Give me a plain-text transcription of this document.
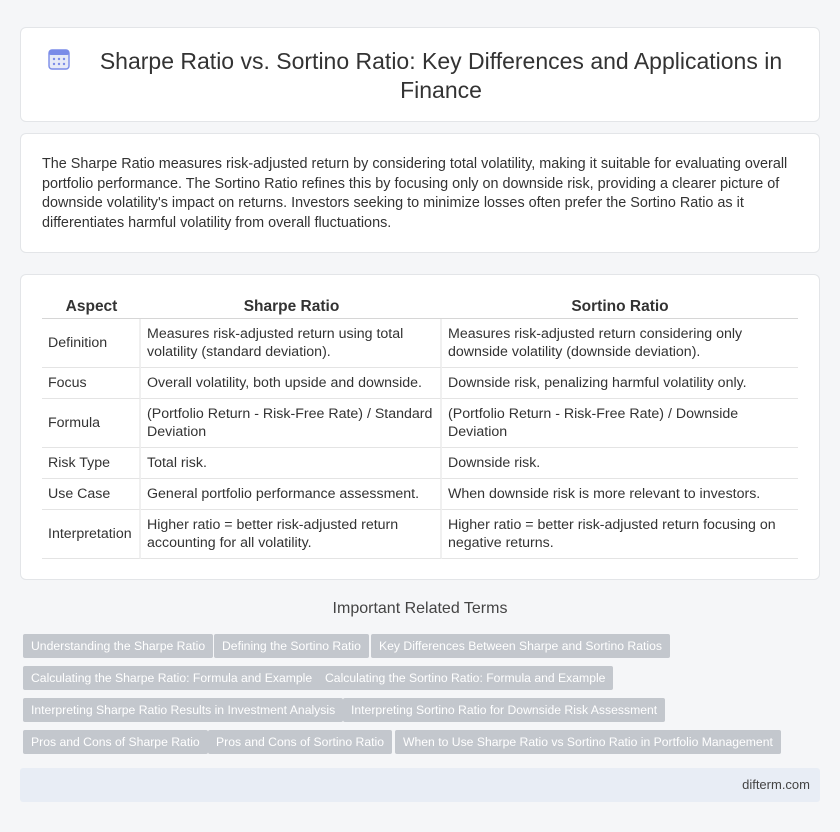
Sharpe Ratio vs. Sortino Ratio: Key Differences and Applications in Finance

The Sharpe Ratio measures risk-adjusted return by considering total volatility, making it suitable for evaluating overall portfolio performance. The Sortino Ratio refines this by focusing only on downside risk, providing a clearer picture of downside volatility's impact on returns. Investors seeking to minimize losses often prefer the Sortino Ratio as it differentiates harmful volatility from overall fluctuations.

Aspect	Sharpe Ratio	Sortino Ratio
Definition	Measures risk-adjusted return using total volatility (standard deviation).	Measures risk-adjusted return considering only downside volatility (downside deviation).
Focus	Overall volatility, both upside and downside.	Downside risk, penalizing harmful volatility only.
Formula	(Portfolio Return - Risk-Free Rate) / Standard Deviation	(Portfolio Return - Risk-Free Rate) / Downside Deviation
Risk Type	Total risk.	Downside risk.
Use Case	General portfolio performance assessment.	When downside risk is more relevant to investors.
Interpretation	Higher ratio = better risk-adjusted return accounting for all volatility.	Higher ratio = better risk-adjusted return focusing on negative returns.
Important Related Terms
Understanding the Sharpe Ratio	Defining the Sortino Ratio	Key Differences Between Sharpe and Sortino Ratios
Calculating the Sharpe Ratio: Formula and Example	Calculating the Sortino Ratio: Formula and Example
Interpreting Sharpe Ratio Results in Investment Analysis	Interpreting Sortino Ratio for Downside Risk Assessment
Pros and Cons of Sharpe Ratio	Pros and Cons of Sortino Ratio	When to Use Sharpe Ratio vs Sortino Ratio in Portfolio Management
difterm.com
